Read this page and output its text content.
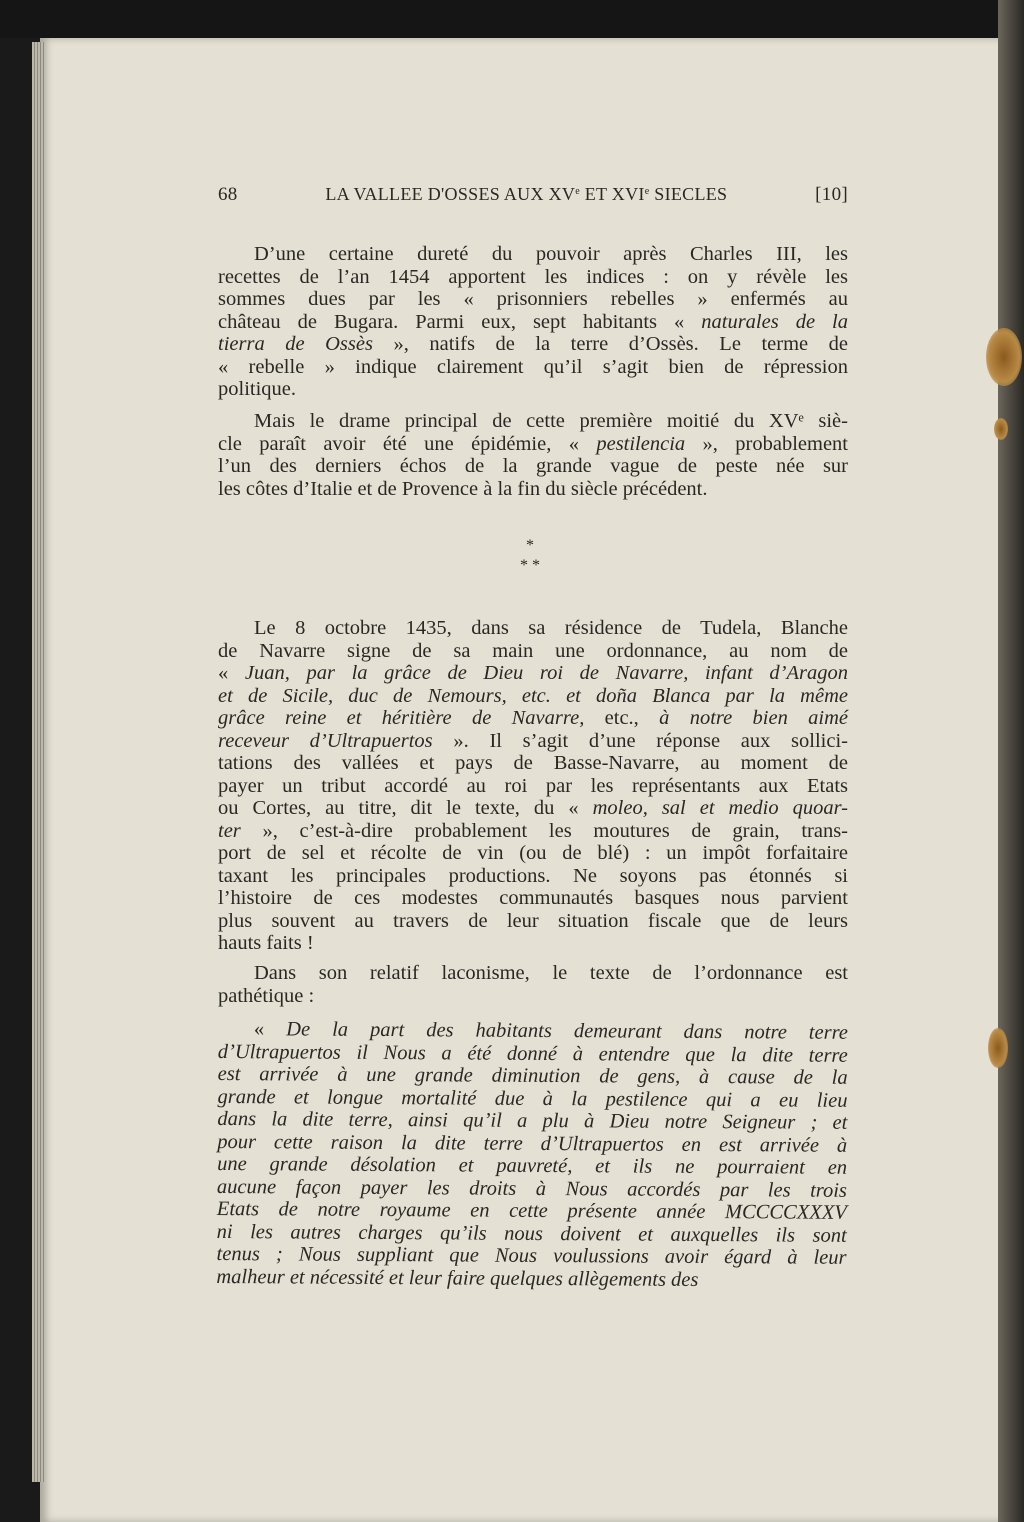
68	LA VALLEE D'OSSES AUX XVe ET XVIe SIECLES	[10]
D’une certaine dureté du pouvoir après Charles III, les
recettes de l’an 1454 apportent les indices : on y révèle les
sommes dues par les « prisonniers rebelles » enfermés au
château de Bugara. Parmi eux, sept habitants « naturales de la
tierra de Ossès », natifs de la terre d’Ossès. Le terme de
« rebelle » indique clairement qu’il s’agit bien de répression
politique.
Mais le drame principal de cette première moitié du XVᵉ siè-
cle paraît avoir été une épidémie, « pestilencia », probablement
l’un des derniers échos de la grande vague de peste née sur
les côtes d’Italie et de Provence à la fin du siècle précédent.
*
* *
Le 8 octobre 1435, dans sa résidence de Tudela, Blanche
de Navarre signe de sa main une ordonnance, au nom de
« Juan, par la grâce de Dieu roi de Navarre, infant d’Aragon
et de Sicile, duc de Nemours, etc. et doña Blanca par la même
grâce reine et héritière de Navarre, etc., à notre bien aimé
receveur d’Ultrapuertos ». Il s’agit d’une réponse aux sollici-
tations des vallées et pays de Basse-Navarre, au moment de
payer un tribut accordé au roi par les représentants aux Etats
ou Cortes, au titre, dit le texte, du « moleo, sal et medio quoar-
ter », c’est-à-dire probablement les moutures de grain, trans-
port de sel et récolte de vin (ou de blé) : un impôt forfaitaire
taxant les principales productions. Ne soyons pas étonnés si
l’histoire de ces modestes communautés basques nous parvient
plus souvent au travers de leur situation fiscale que de leurs
hauts faits !
Dans son relatif laconisme, le texte de l’ordonnance est
pathétique :
« De la part des habitants demeurant dans notre terre
d’Ultrapuertos il Nous a été donné à entendre que la dite terre
est arrivée à une grande diminution de gens, à cause de la
grande et longue mortalité due à la pestilence qui a eu lieu
dans la dite terre, ainsi qu’il a plu à Dieu notre Seigneur ; et
pour cette raison la dite terre d’Ultrapuertos en est arrivée à
une grande désolation et pauvreté, et ils ne pourraient en
aucune façon payer les droits à Nous accordés par les trois
Etats de notre royaume en cette présente année MCCCCXXXV
ni les autres charges qu’ils nous doivent et auxquelles ils sont
tenus ; Nous suppliant que Nous voulussions avoir égard à leur
malheur et nécessité et leur faire quelques allègements des
